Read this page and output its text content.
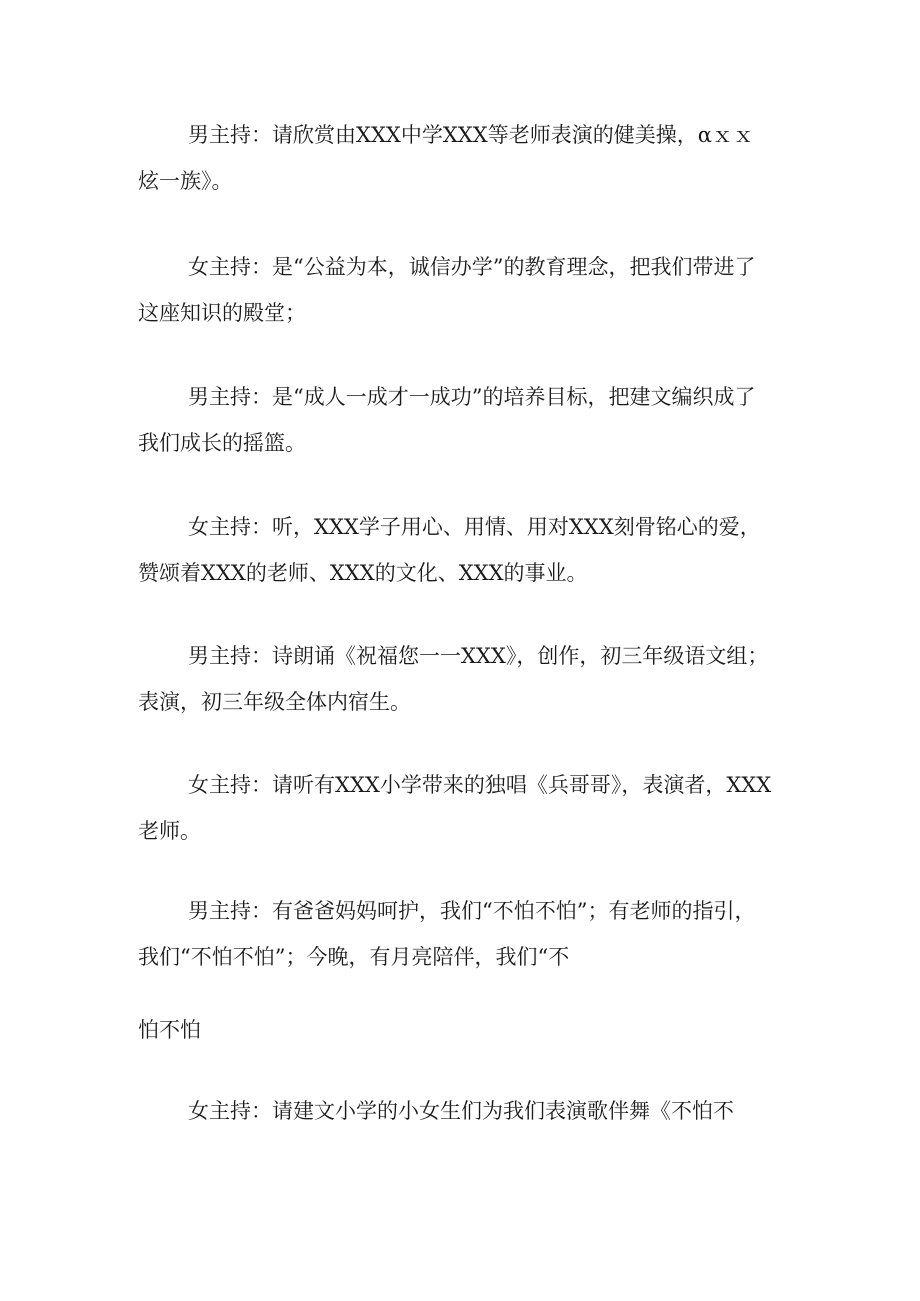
男主持：请欣赏由XXX中学XXX等老师表演的健美操，αｘｘ
炫一族》。
女主持：是“公益为本，诚信办学”的教育理念，把我们带进了
这座知识的殿堂；
男主持：是“成人一成才一成功”的培养目标，把建文编织成了
我们成长的摇篮。
女主持：听，XXX学子用心、用情、用对XXX刻骨铭心的爱，
赞颂着XXX的老师、XXX的文化、XXX的事业。
男主持：诗朗诵《祝福您一一XXX》，创作，初三年级语文组；
表演，初三年级全体内宿生。
女主持：请听有XXX小学带来的独唱《兵哥哥》，表演者，XXX
老师。
男主持：有爸爸妈妈呵护，我们“不怕不怕”；有老师的指引，
我们“不怕不怕”；今晚，有月亮陪伴，我们“不
怕不怕
女主持：请建文小学的小女生们为我们表演歌伴舞《不怕不
